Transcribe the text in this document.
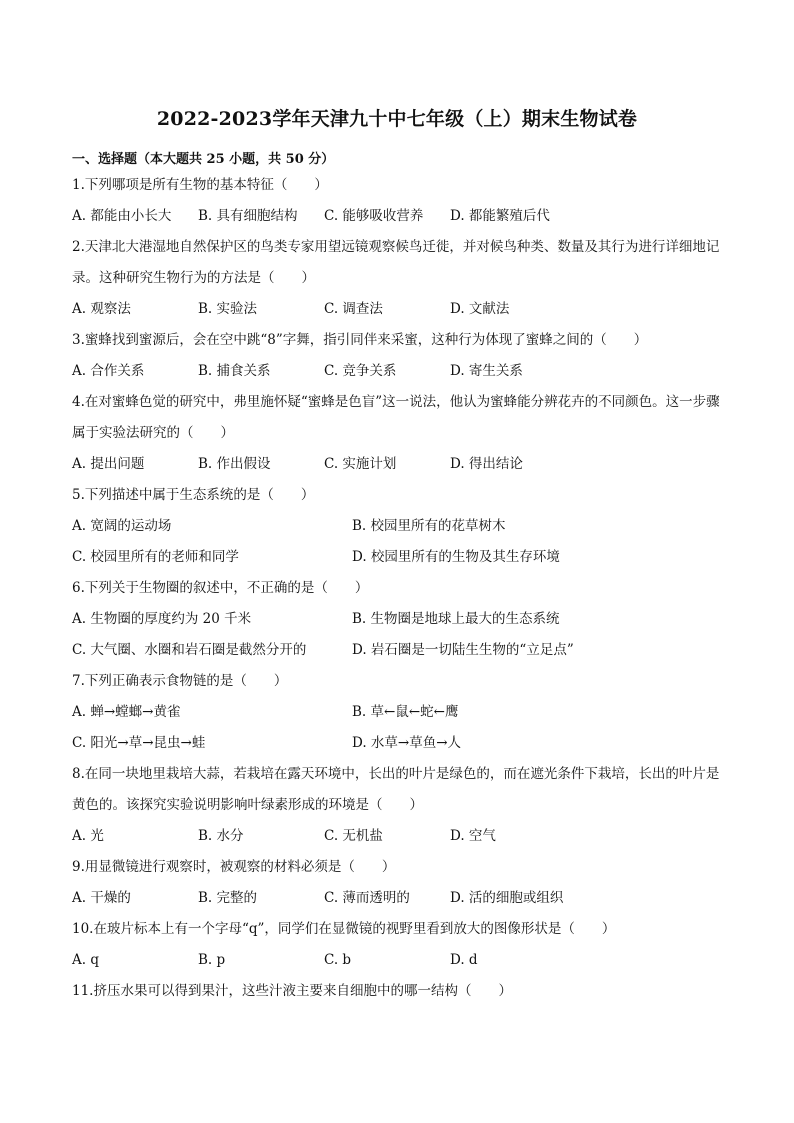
2022-2023学年天津九十中七年级（上）期末生物试卷
一、选择题（本大题共 25 小题，共 50 分）
1.下列哪项是所有生物的基本特征（　　）
A. 都能由小长大	B. 具有细胞结构	C. 能够吸收营养	D. 都能繁殖后代
2.天津北大港湿地自然保护区的鸟类专家用望远镜观察候鸟迁徙，并对候鸟种类、数量及其行为进行详细地记录。这种研究生物行为的方法是（　　）
A. 观察法	B. 实验法	C. 调查法	D. 文献法
3.蜜蜂找到蜜源后，会在空中跳“8”字舞，指引同伴来采蜜，这种行为体现了蜜蜂之间的（　　）
A. 合作关系	B. 捕食关系	C. 竞争关系	D. 寄生关系
4.在对蜜蜂色觉的研究中，弗里施怀疑“蜜蜂是色盲”这一说法，他认为蜜蜂能分辨花卉的不同颜色。这一步骤属于实验法研究的（　　）
A. 提出问题	B. 作出假设	C. 实施计划	D. 得出结论
5.下列描述中属于生态系统的是（　　）
A. 宽阔的运动场	B. 校园里所有的花草树木
C. 校园里所有的老师和同学	D. 校园里所有的生物及其生存环境
6.下列关于生物圈的叙述中，不正确的是（　　）
A. 生物圈的厚度约为 20 千米	B. 生物圈是地球上最大的生态系统
C. 大气圈、水圈和岩石圈是截然分开的	D. 岩石圈是一切陆生生物的“立足点”
7.下列正确表示食物链的是（　　）
A. 蝉→螳螂→黄雀	B. 草←鼠←蛇←鹰
C. 阳光→草→昆虫→蛙	D. 水草→草鱼→人
8.在同一块地里栽培大蒜，若栽培在露天环境中，长出的叶片是绿色的，而在遮光条件下栽培，长出的叶片是黄色的。该探究实验说明影响叶绿素形成的环境是（　　）
A. 光	B. 水分	C. 无机盐	D. 空气
9.用显微镜进行观察时，被观察的材料必须是（　　）
A. 干燥的	B. 完整的	C. 薄而透明的	D. 活的细胞或组织
10.在玻片标本上有一个字母“q”，同学们在显微镜的视野里看到放大的图像形状是（　　）
A. q	B. p	C. b	D. d
11.挤压水果可以得到果汁，这些汁液主要来自细胞中的哪一结构（　　）
